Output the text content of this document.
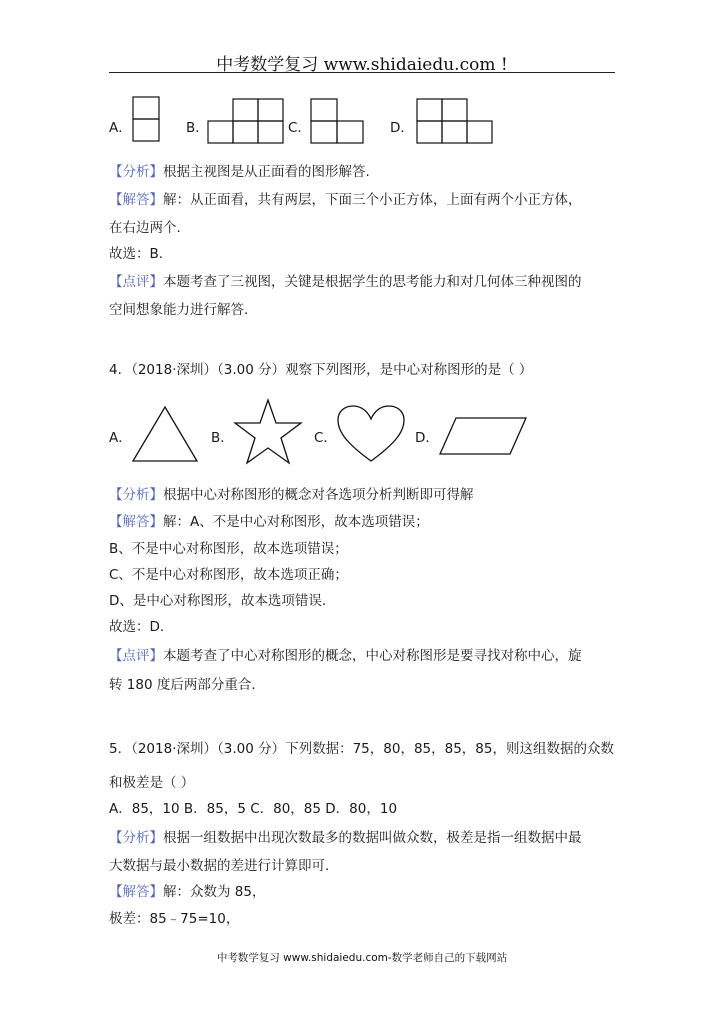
中考数学复习 www.shidaiedu.com !
A．	B．	C．	D．
【分析】根据主视图是从正面看的图形解答.
【解答】解：从正面看，共有两层，下面三个小正方体，上面有两个小正方体，
在右边两个.
故选：B.
【点评】本题考查了三视图，关键是根据学生的思考能力和对几何体三种视图的
空间想象能力进行解答.
4．（2018·深圳）（3.00 分）观察下列图形，是中心对称图形的是（ ）
A．	B．	C．	D．
【分析】根据中心对称图形的概念对各选项分析判断即可得解
【解答】解：A、不是中心对称图形，故本选项错误；
B、不是中心对称图形，故本选项错误；
C、不是中心对称图形，故本选项正确；
D、是中心对称图形，故本选项错误.
故选：D.
【点评】本题考查了中心对称图形的概念，中心对称图形是要寻找对称中心，旋
转 180 度后两部分重合.
5．（2018·深圳）（3.00 分）下列数据：75，80，85，85，85，则这组数据的众数
和极差是（ ）
A．85，10 B．85，5 C．80，85 D．80，10
【分析】根据一组数据中出现次数最多的数据叫做众数，极差是指一组数据中最
大数据与最小数据的差进行计算即可.
【解答】解：众数为 85，
极差：85﹣75=10，
中考数学复习 www.shidaiedu.com-数学老师自己的下载网站
